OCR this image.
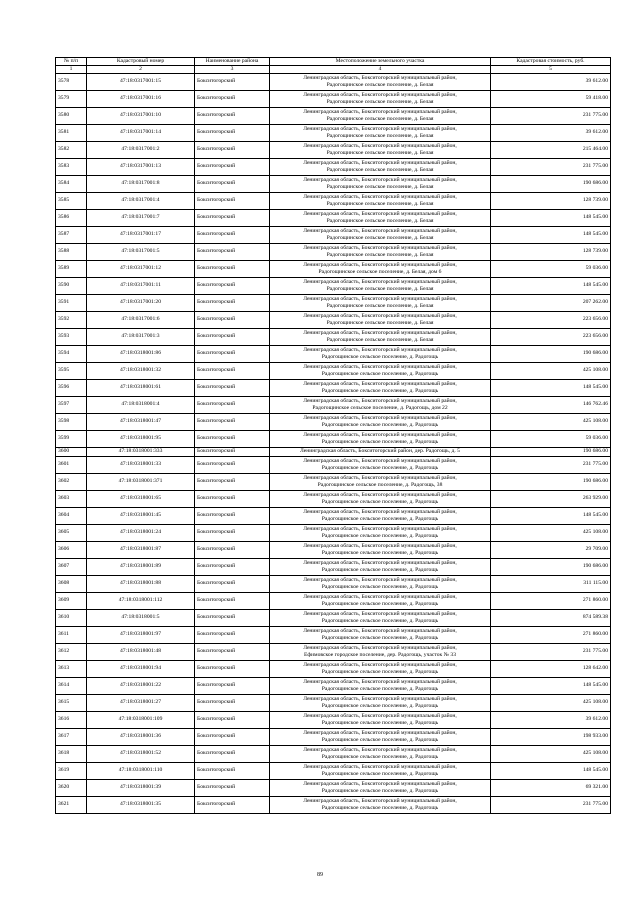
№ п/п	Кадастровый номер	Наименование района	Местоположение земельного участка	Кадастровая стоимость, руб.
1	2	3	4	5
3578	47:18:0317001:15	Бокситогорский	Ленинградская область, Бокситогорский муниципальный район,
Радогощинское сельское поселение, д. Белая	39 612.00
3579	47:18:0317001:16	Бокситогорский	Ленинградская область, Бокситогорский муниципальный район,
Радогощинское сельское поселение, д. Белая	59 418.00
3580	47:18:0317001:10	Бокситогорский	Ленинградская область, Бокситогорский муниципальный район,
Радогощинское сельское поселение, д. Белая	231 775.00
3581	47:18:0317001:14	Бокситогорский	Ленинградская область, Бокситогорский муниципальный район,
Радогощинское сельское поселение, д. Белая	39 612.00
3582	47:18:0317001:2	Бокситогорский	Ленинградская область, Бокситогорский муниципальный район,
Радогощинское сельское поселение, д. Белая	215 464.00
3583	47:18:0317001:13	Бокситогорский	Ленинградская область, Бокситогорский муниципальный район,
Радогощинское сельское поселение, д. Белая	231 775.00
3584	47:18:0317001:8	Бокситогорский	Ленинградская область, Бокситогорский муниципальный район,
Радогощинское сельское поселение, д. Белая	190 686.00
3585	47:18:0317001:4	Бокситогорский	Ленинградская область, Бокситогорский муниципальный район,
Радогощинское сельское поселение, д. Белая	128 739.00
3586	47:18:0317001:7	Бокситогорский	Ленинградская область, Бокситогорский муниципальный район,
Радогощинское сельское поселение, д. Белая	148 545.00
3587	47:18:0317001:17	Бокситогорский	Ленинградская область, Бокситогорский муниципальный район,
Радогощинское сельское поселение, д. Белая	148 545.00
3588	47:18:0317001:5	Бокситогорский	Ленинградская область, Бокситогорский муниципальный район,
Радогощинское сельское поселение, д. Белая	128 739.00
3589	47:18:0317001:12	Бокситогорский	Ленинградская область, Бокситогорский муниципальный район,
Радогощинское сельское поселение, д. Белая, дом 6	59 036.00
3590	47:18:0317001:11	Бокситогорский	Ленинградская область, Бокситогорский муниципальный район,
Радогощинское сельское поселение, д. Белая	148 545.00
3591	47:18:0317001:20	Бокситогорский	Ленинградская область, Бокситогорский муниципальный район,
Радогощинское сельское поселение, д. Белая	207 262.00
3592	47:18:0317001:6	Бокситогорский	Ленинградская область, Бокситогорский муниципальный район,
Радогощинское сельское поселение, д. Белая	223 656.00
3593	47:18:0317001:3	Бокситогорский	Ленинградская область, Бокситогорский муниципальный район,
Радогощинское сельское поселение, д. Белая	223 656.00
3594	47:18:0318001:86	Бокситогорский	Ленинградская область, Бокситогорский муниципальный район,
Радогощинское сельское поселение, д. Радогощь	190 686.00
3595	47:18:0318001:32	Бокситогорский	Ленинградская область, Бокситогорский муниципальный район,
Радогощинское сельское поселение, д. Радогощь	425 108.00
3596	47:18:0318001:61	Бокситогорский	Ленинградская область, Бокситогорский муниципальный район,
Радогощинское сельское поселение, д. Радогощь	148 545.00
3597	47:18:0318001:4	Бокситогорский	Ленинградская область, Бокситогорский муниципальный район,
Радогощинское сельское поселение, д. Радогощь, дом 22	146 762.46
3598	47:18:0318001:47	Бокситогорский	Ленинградская область, Бокситогорский муниципальный район,
Радогощинское сельское поселение, д. Радогощь	425 108.00
3599	47:18:0318001:95	Бокситогорский	Ленинградская область, Бокситогорский муниципальный район,
Радогощинское сельское поселение, д. Радогощь	59 036.00
3600	47:18:0318001:333	Бокситогорский	Ленинградская область, Бокситогорский район, дер. Радогощь, д. 5	190 686.00
3601	47:18:0318001:33	Бокситогорский	Ленинградская область, Бокситогорский муниципальный район,
Радогощинское сельское поселение, д. Радогощь	231 775.00
3602	47:18:0318001:371	Бокситогорский	Ленинградская область, Бокситогорский муниципальный район,
Радогощинское сельское поселение, д. Радогощь, 38	190 686.00
3603	47:18:0318001:65	Бокситогорский	Ленинградская область, Бокситогорский муниципальный район,
Радогощинское сельское поселение, д. Радогощь	263 929.00
3604	47:18:0318001:45	Бокситогорский	Ленинградская область, Бокситогорский муниципальный район,
Радогощинское сельское поселение, д. Радогощь	148 545.00
3605	47:18:0318001:24	Бокситогорский	Ленинградская область, Бокситогорский муниципальный район,
Радогощинское сельское поселение, д. Радогощь	425 108.00
3606	47:18:0318001:87	Бокситогорский	Ленинградская область, Бокситогорский муниципальный район,
Радогощинское сельское поселение, д. Радогощь	29 709.00
3607	47:18:0318001:89	Бокситогорский	Ленинградская область, Бокситогорский муниципальный район,
Радогощинское сельское поселение, д. Радогощь	190 686.00
3608	47:18:0318001:88	Бокситогорский	Ленинградская область, Бокситогорский муниципальный район,
Радогощинское сельское поселение, д. Радогощь	311 115.00
3609	47:18:0318001:112	Бокситогорский	Ленинградская область, Бокситогорский муниципальный район,
Радогощинское сельское поселение, д. Радогощь	271 860.00
3610	47:18:0318001:5	Бокситогорский	Ленинградская область, Бокситогорский муниципальный район,
Радогощинское сельское поселение, д. Радогощь	874 589.38
3611	47:18:0318001:97	Бокситогорский	Ленинградская область, Бокситогорский муниципальный район,
Радогощинское сельское поселение, д. Радогощь	271 860.00
3612	47:18:0318001:48	Бокситогорский	Ленинградская область, Бокситогорский муниципальный район,
Ефимовское городское поселение, дер. Радогощь, участок № 33	231 775.00
3613	47:18:0318001:94	Бокситогорский	Ленинградская область, Бокситогорский муниципальный район,
Радогощинское сельское поселение, д. Радогощь	128 642.00
3614	47:18:0318001:22	Бокситогорский	Ленинградская область, Бокситогорский муниципальный район,
Радогощинское сельское поселение, д. Радогощь	148 545.00
3615	47:18:0318001:27	Бокситогорский	Ленинградская область, Бокситогорский муниципальный район,
Радогощинское сельское поселение, д. Радогощь	425 108.00
3616	47:18:0318001:109	Бокситогорский	Ленинградская область, Бокситогорский муниципальный район,
Радогощинское сельское поселение, д. Радогощь	39 612.00
3617	47:18:0318001:36	Бокситогорский	Ленинградская область, Бокситогорский муниципальный район,
Радогощинское сельское поселение, д. Радогощь	198 933.00
3618	47:18:0318001:52	Бокситогорский	Ленинградская область, Бокситогорский муниципальный район,
Радогощинское сельское поселение, д. Радогощь	425 108.00
3619	47:18:0318001:110	Бокситогорский	Ленинградская область, Бокситогорский муниципальный район,
Радогощинское сельское поселение, д. Радогощь	148 545.00
3620	47:18:0318001:39	Бокситогорский	Ленинградская область, Бокситогорский муниципальный район,
Радогощинское сельское поселение, д. Радогощь	69 321.00
3621	47:18:0318001:35	Бокситогорский	Ленинградская область, Бокситогорский муниципальный район,
Радогощинское сельское поселение, д. Радогощь	231 775.00
89
